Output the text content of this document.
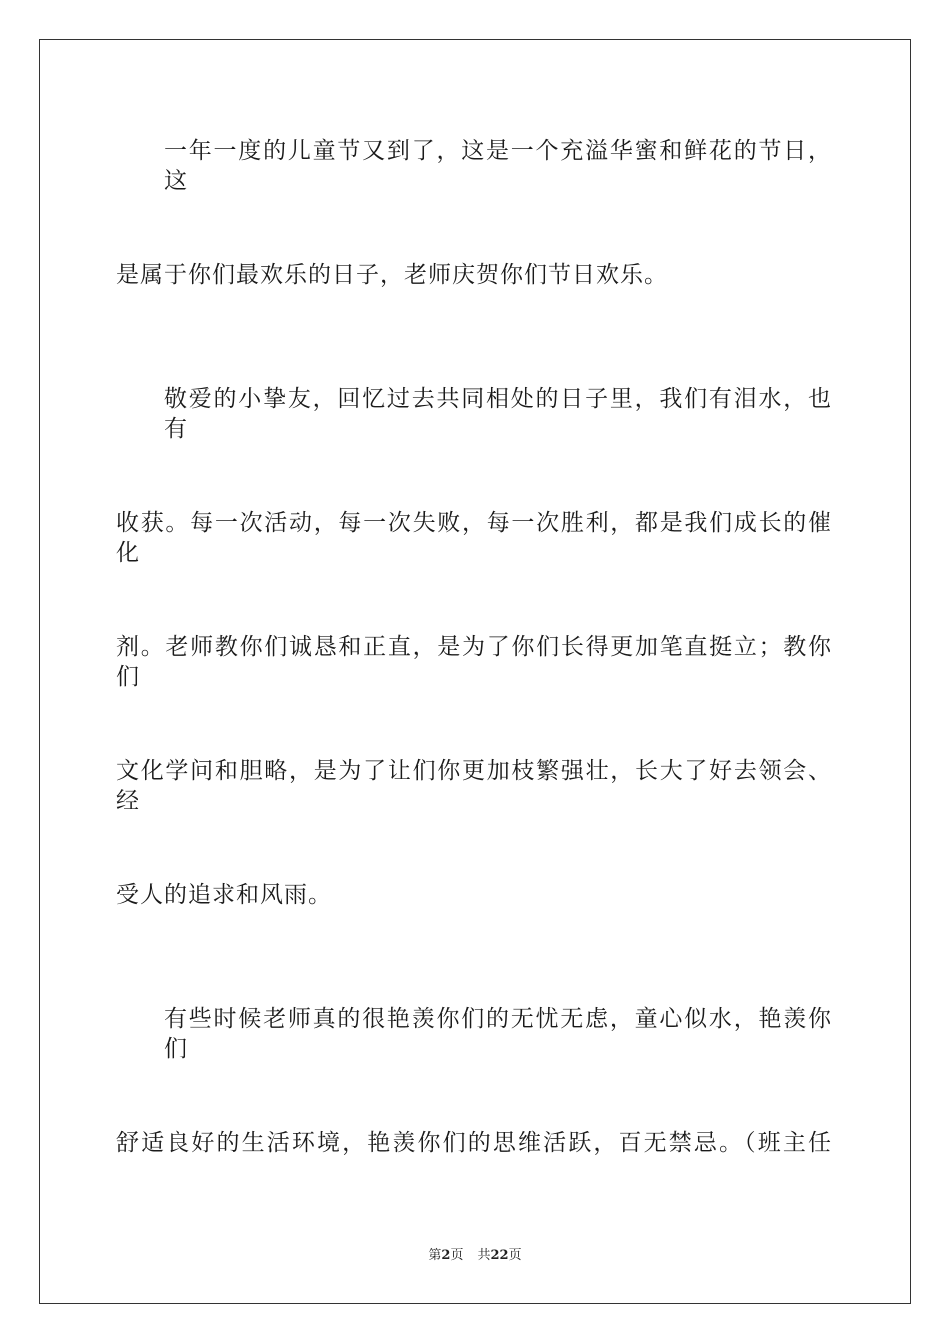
一年一度的儿童节又到了，这是一个充溢华蜜和鲜花的节日，这
是属于你们最欢乐的日子，老师庆贺你们节日欢乐。
敬爱的小挚友，回忆过去共同相处的日子里，我们有泪水，也有
收获。每一次活动，每一次失败，每一次胜利，都是我们成长的催化
剂。老师教你们诚恳和正直，是为了你们长得更加笔直挺立；教你们
文化学问和胆略，是为了让们你更加枝繁强壮，长大了好去领会、经
受人的追求和风雨。
有些时候老师真的很艳羡你们的无忧无虑，童心似水，艳羡你们
舒适良好的生活环境，艳羡你们的思维活跃，百无禁忌。（班主任
第2页 共22页
